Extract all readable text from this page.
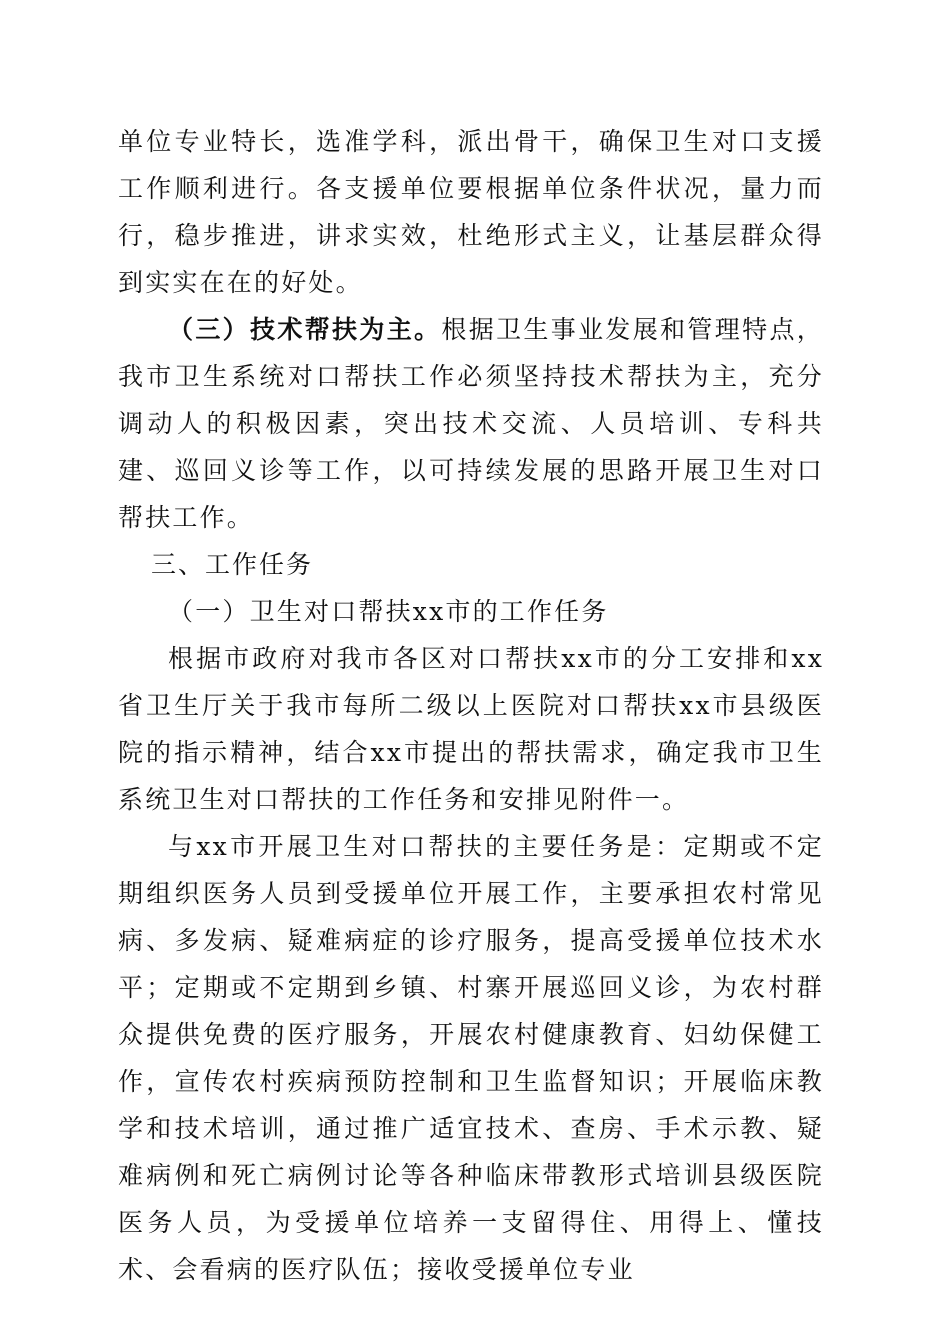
单位专业特长，选准学科，派出骨干，确保卫生对口支援工作顺利进行。各支援单位要根据单位条件状况，量力而行，稳步推进，讲求实效，杜绝形式主义，让基层群众得到实实在在的好处。

（三）技术帮扶为主。根据卫生事业发展和管理特点，我市卫生系统对口帮扶工作必须坚持技术帮扶为主，充分调动人的积极因素，突出技术交流、人员培训、专科共建、巡回义诊等工作，以可持续发展的思路开展卫生对口帮扶工作。

三、工作任务

（一）卫生对口帮扶xx市的工作任务

根据市政府对我市各区对口帮扶xx市的分工安排和xx省卫生厅关于我市每所二级以上医院对口帮扶xx市县级医院的指示精神，结合xx市提出的帮扶需求，确定我市卫生系统卫生对口帮扶的工作任务和安排见附件一。

与xx市开展卫生对口帮扶的主要任务是：定期或不定期组织医务人员到受援单位开展工作，主要承担农村常见病、多发病、疑难病症的诊疗服务，提高受援单位技术水平；定期或不定期到乡镇、村寨开展巡回义诊，为农村群众提供免费的医疗服务，开展农村健康教育、妇幼保健工作，宣传农村疾病预防控制和卫生监督知识；开展临床教学和技术培训，通过推广适宜技术、查房、手术示教、疑难病例和死亡病例讨论等各种临床带教形式培训县级医院医务人员，为受援单位培养一支留得住、用得上、懂技术、会看病的医疗队伍；接收受援单位专业
